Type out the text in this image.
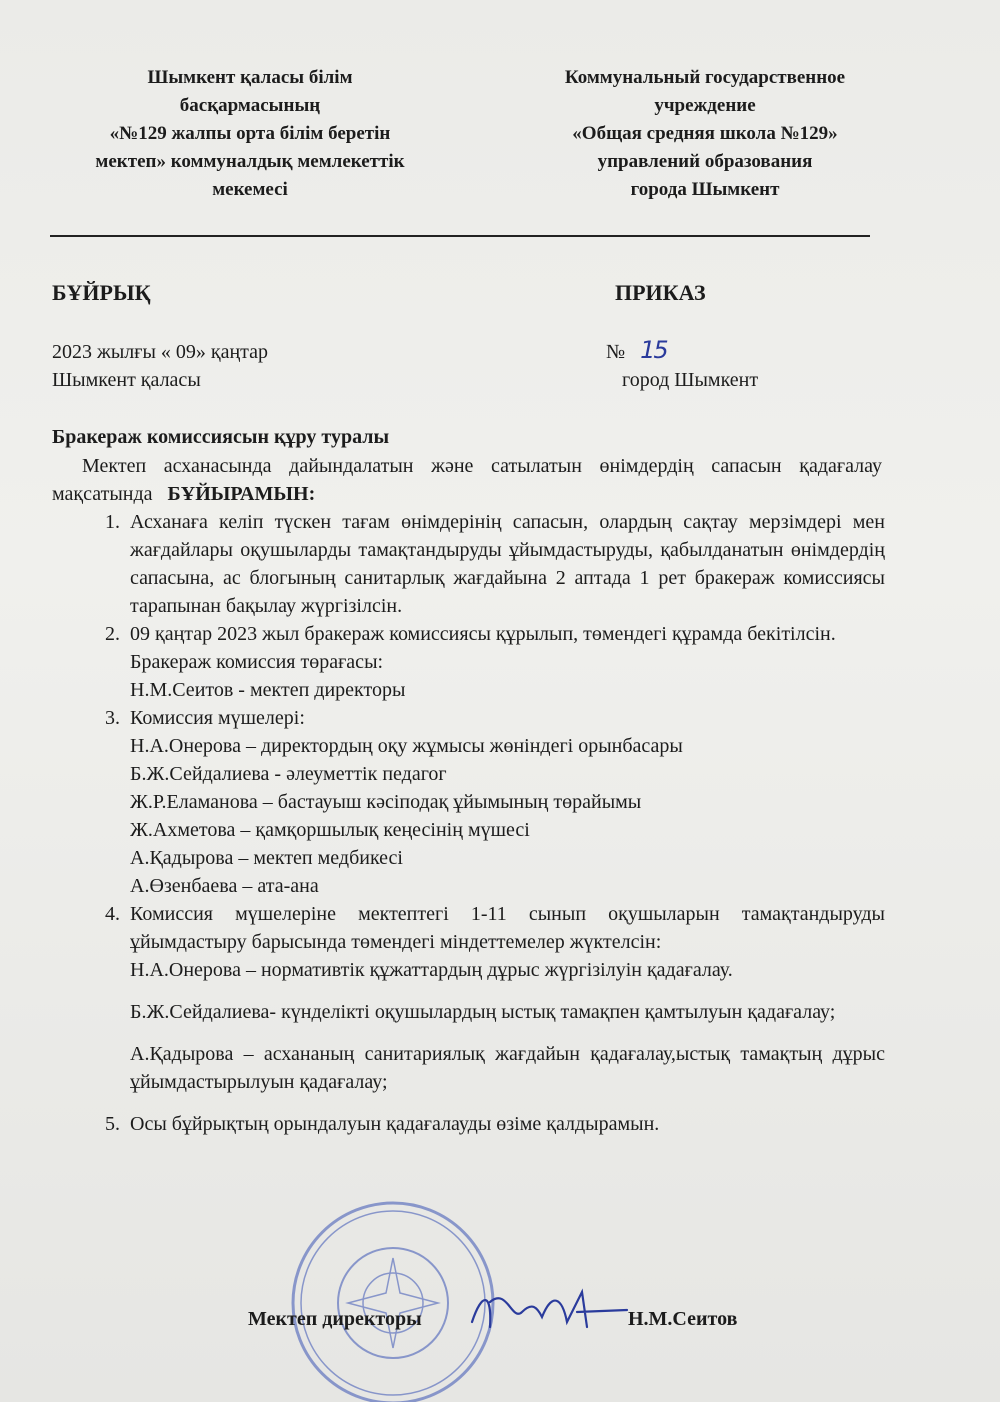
Шымкент қаласы білім
басқармасының
«№129 жалпы орта білім беретін
мектеп» коммуналдық мемлекеттік
мекемесі
Коммунальный государственное
учреждение
«Общая средняя школа №129»
управлений образования
города Шымкент
БҰЙРЫҚ	ПРИКАЗ
2023 жылғы « 09» қаңтар
Шымкент қаласы
№ 15
город Шымкент
Бракераж комиссиясын құру туралы
Мектеп асханасында дайындалатын және сатылатын өнімдердің сапасын қадағалау мақсатында БҰЙЫРАМЫН:
1. Асханаға келіп түскен тағам өнімдерінің сапасын, олардың сақтау мерзімдері мен жағдайлары оқушыларды тамақтандыруды ұйымдастыруды, қабылданатын өнімдердің сапасына, ас блогының санитарлық жағдайына 2 аптада 1 рет бракераж комиссиясы тарапынан бақылау жүргізілсін.
2. 09 қаңтар 2023 жыл бракераж комиссиясы құрылып, төмендегі құрамда бекітілсін.
Бракераж комиссия төрағасы:
Н.М.Сеитов - мектеп директоры
3. Комиссия мүшелері:
Н.А.Онерова – директордың оқу жұмысы жөніндегі орынбасары
Б.Ж.Сейдалиева - әлеуметтік педагог
Ж.Р.Еламанова – бастауыш кәсіподақ ұйымының төрайымы
Ж.Ахметова – қамқоршылық кеңесінің мүшесі
А.Қадырова – мектеп медбикесі
А.Өзенбаева – ата-ана
4. Комиссия мүшелеріне мектептегі 1-11 сынып оқушыларын тамақтандыруды ұйымдастыру барысында төмендегі міндеттемелер жүктелсін:
Н.А.Онерова – нормативтік құжаттардың дұрыс жүргізілуін қадағалау.
Б.Ж.Сейдалиева- күнделікті оқушылардың ыстық тамақпен қамтылуын қадағалау;
А.Қадырова – асхананың санитариялық жағдайын қадағалау,ыстық тамақтың дұрыс ұйымдастырылуын қадағалау;
5. Осы бұйрықтың орындалуын қадағалауды өзіме қалдырамын.
Мектеп директоры	Н.М.Сеитов
